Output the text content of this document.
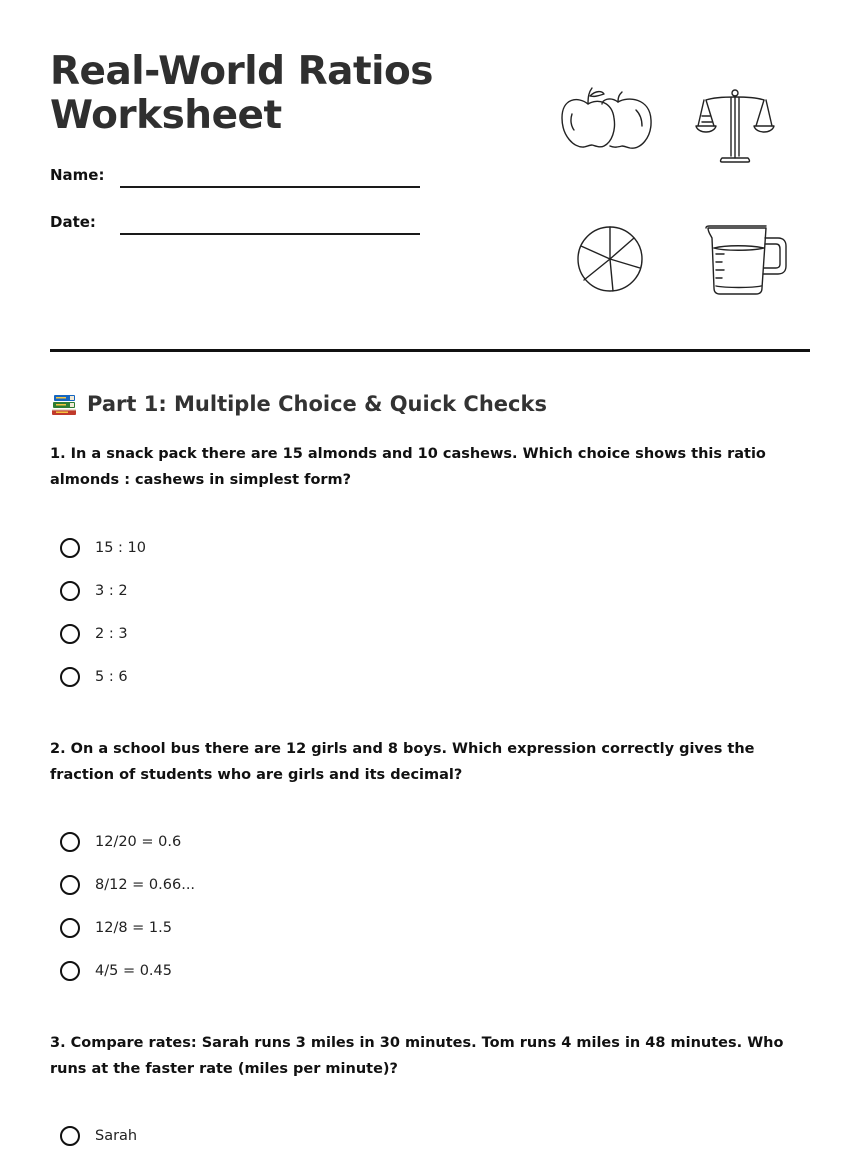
Real-World Ratios
Worksheet
Name:
Date:
Part 1: Multiple Choice & Quick Checks

1. In a snack pack there are 15 almonds and 10 cashews. Which choice shows this ratio almonds : cashews in simplest form?

15 : 10
3 : 2
2 : 3
5 : 6

2. On a school bus there are 12 girls and 8 boys. Which expression correctly gives the fraction of students who are girls and its decimal?

12/20 = 0.6
8/12 = 0.66...
12/8 = 1.5
4/5 = 0.45

3. Compare rates: Sarah runs 3 miles in 30 minutes. Tom runs 4 miles in 48 minutes. Who runs at the faster rate (miles per minute)?

Sarah
